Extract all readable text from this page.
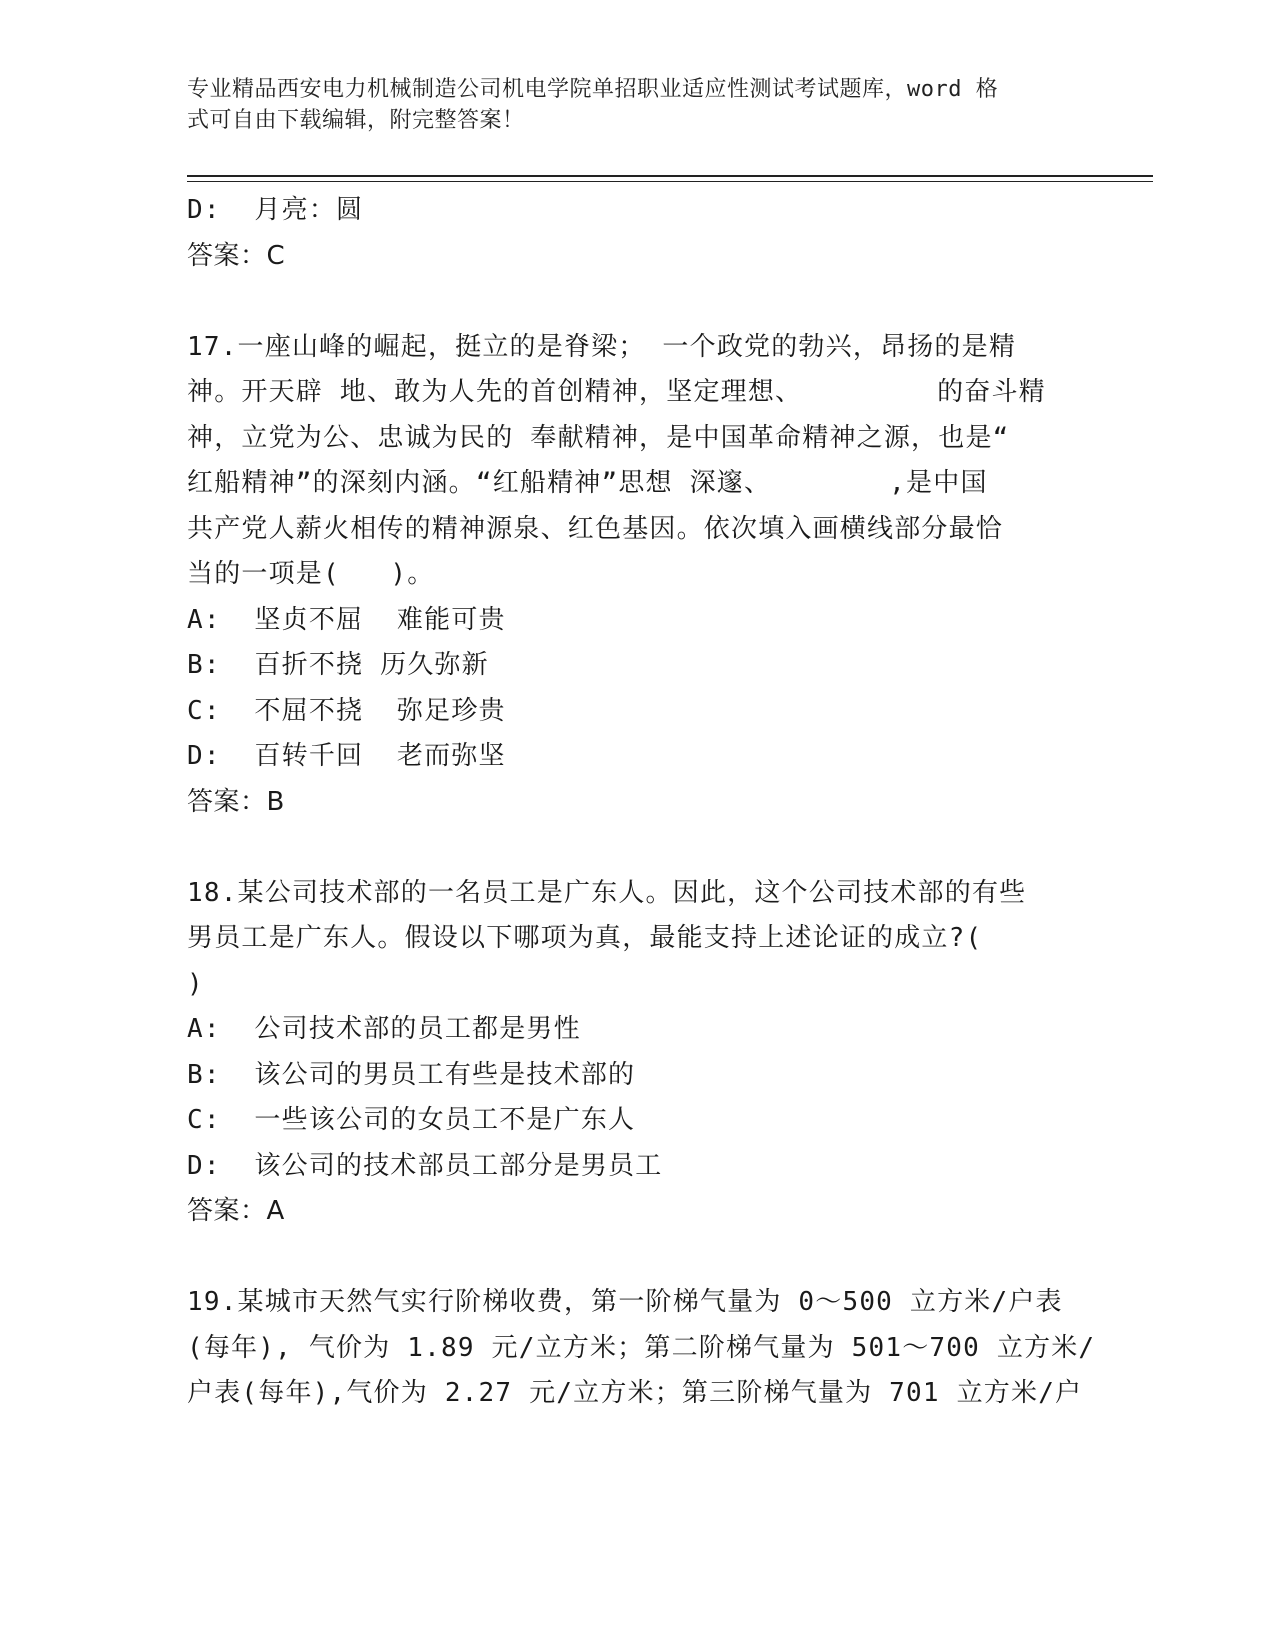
专业精品西安电力机械制造公司机电学院单招职业适应性测试考试题库，word 格
式可自由下载编辑，附完整答案！
D:  月亮：圆
答案：C
17.一座山峰的崛起，挺立的是脊梁； 一个政党的勃兴，昂扬的是精
神。开天辟 地、敢为人先的首创精神，坚定理想、        的奋斗精
神，立党为公、忠诚为民的 奉献精神，是中国革命精神之源，也是“
红船精神”的深刻内涵。“红船精神”思想 深邃、       ,是中国
共产党人薪火相传的精神源泉、红色基因。依次填入画横线部分最恰
当的一项是(   )。
A:  坚贞不屈  难能可贵
B:  百折不挠 历久弥新
C:  不屈不挠  弥足珍贵
D:  百转千回  老而弥坚
答案：B
18.某公司技术部的一名员工是广东人。因此，这个公司技术部的有些
男员工是广东人。假设以下哪项为真，最能支持上述论证的成立?(
)
A:  公司技术部的员工都是男性
B:  该公司的男员工有些是技术部的
C:  一些该公司的女员工不是广东人
D:  该公司的技术部员工部分是男员工
答案：A
19.某城市天然气实行阶梯收费，第一阶梯气量为 0～500 立方米/户表
(每年), 气价为 1.89 元/立方米；第二阶梯气量为 501～700 立方米/
户表(每年),气价为 2.27 元/立方米；第三阶梯气量为 701 立方米/户
